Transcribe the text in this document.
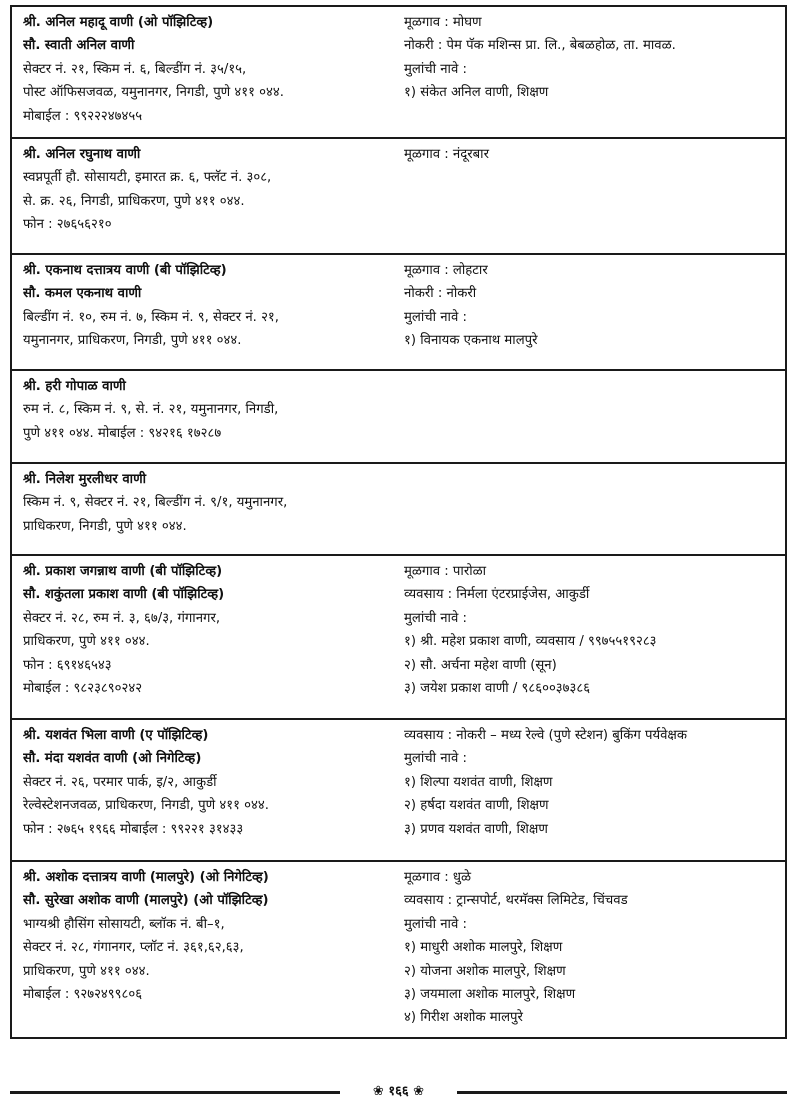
श्री. अनिल महादू वाणी (ओ पॉझिटिव्ह)
सौ. स्वाती अनिल वाणी
सेक्टर नं. २१, स्किम नं. ६, बिल्डींग नं. ३५/१५,
पोस्ट ऑफिसजवळ, यमुनानगर, निगडी, पुणे ४११ ०४४.
मोबाईल : ९९२२२४७४५५
मूळगाव : मोघण
नोकरी : पेम पॅक मशिन्स प्रा. लि., बेबळहोळ, ता. मावळ.
मुलांची नावे :
१) संकेत अनिल वाणी, शिक्षण
श्री. अनिल रघुनाथ वाणी
स्वप्नपूर्ती हौ. सोसायटी, इमारत क्र. ६, फ्लॅट नं. ३०८,
से. क्र. २६, निगडी, प्राधिकरण, पुणे ४११ ०४४.
फोन : २७६५६२१०
मूळगाव : नंदूरबार
श्री. एकनाथ दत्तात्रय वाणी (बी पॉझिटिव्ह)
सौ. कमल एकनाथ वाणी
बिल्डींग नं. १०, रुम नं. ७, स्किम नं. ९, सेक्टर नं. २१,
यमुनानगर, प्राधिकरण, निगडी, पुणे ४११ ०४४.
मूळगाव : लोहटार
नोकरी : नोकरी
मुलांची नावे :
१) विनायक एकनाथ मालपुरे
श्री. हरी गोपाळ वाणी
रुम नं. ८, स्किम नं. ९, से. नं. २१, यमुनानगर, निगडी,
पुणे ४११ ०४४. मोबाईल : ९४२१६ १७२८७
श्री. निलेश मुरलीधर वाणी
स्किम नं. ९, सेक्टर नं. २१, बिल्डींग नं. ९/१, यमुनानगर,
प्राधिकरण, निगडी, पुणे ४११ ०४४.
श्री. प्रकाश जगन्नाथ वाणी (बी पॉझिटिव्ह)
सौ. शकुंतला प्रकाश वाणी (बी पॉझिटिव्ह)
सेक्टर नं. २८, रुम नं. ३, ६७/३, गंगानगर,
प्राधिकरण, पुणे ४११ ०४४.
फोन : ६९१४६५४३
मोबाईल : ९८२३८९०२४२
मूळगाव : पारोळा
व्यवसाय : निर्मला एंटरप्राईजेस, आकुर्डी
मुलांची नावे :
१) श्री. महेश प्रकाश वाणी, व्यवसाय / ९९७५५१९२८३
२) सौ. अर्चना महेश वाणी (सून)
३) जयेश प्रकाश वाणी / ९८६००३७३८६
श्री. यशवंत भिला वाणी (ए पॉझिटिव्ह)
सौ. मंदा यशवंत वाणी (ओ निगेटिव्ह)
सेक्टर नं. २६, परमार पार्क, इ/२, आकुर्डी
रेल्वेस्टेशनजवळ, प्राधिकरण, निगडी, पुणे ४११ ०४४.
फोन : २७६५ १९६६ मोबाईल : ९९२२१ ३१४३३
व्यवसाय : नोकरी – मध्य रेल्वे (पुणे स्टेशन) बुकिंग पर्यवेक्षक
मुलांची नावे :
१) शिल्पा यशवंत वाणी, शिक्षण
२) हर्षदा यशवंत वाणी, शिक्षण
३) प्रणव यशवंत वाणी, शिक्षण
श्री. अशोक दत्तात्रय वाणी (मालपुरे) (ओ निगेटिव्ह)
सौ. सुरेखा अशोक वाणी (मालपुरे) (ओ पॉझिटिव्ह)
भाग्यश्री हौसिंग सोसायटी, ब्लॉक नं. बी–१,
सेक्टर नं. २८, गंगानगर, प्लॉट नं. ३६१,६२,६३,
प्राधिकरण, पुणे ४११ ०४४.
मोबाईल : ९२७२४९९८०६
मूळगाव : धुळे
व्यवसाय : ट्रान्सपोर्ट, थरमॅक्स लिमिटेड, चिंचवड
मुलांची नावे :
१) माधुरी अशोक मालपुरे, शिक्षण
२) योजना अशोक मालपुरे, शिक्षण
३) जयमाला अशोक मालपुरे, शिक्षण
४) गिरीश अशोक मालपुरे
❀ १६६ ❀
